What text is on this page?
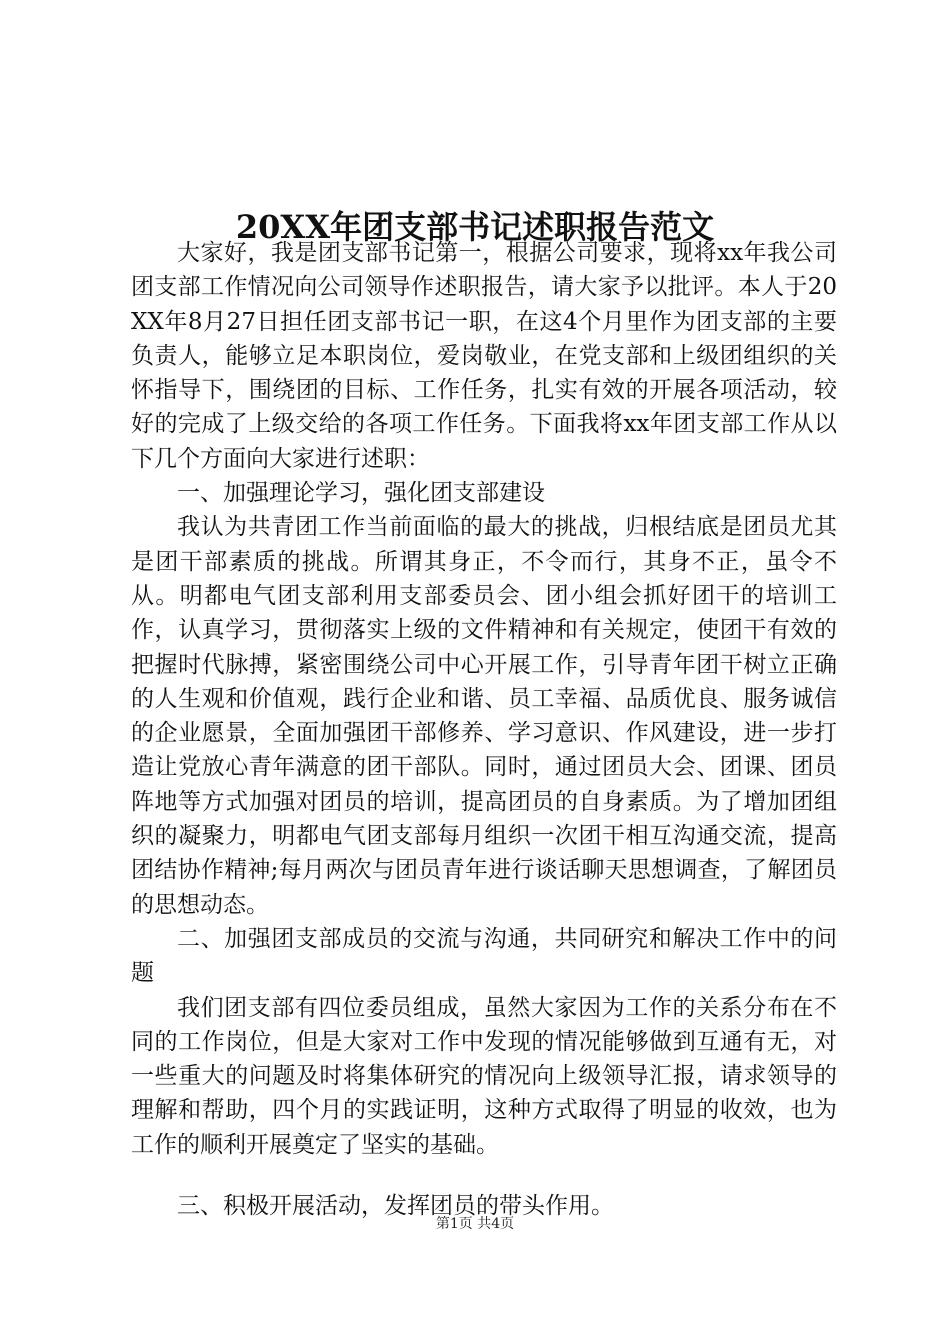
20XX年团支部书记述职报告范文

大家好，我是团支部书记第一，根据公司要求，现将xx年我公司团支部工作情况向公司领导作述职报告，请大家予以批评。本人于20XX年8月27日担任团支部书记一职，在这4个月里作为团支部的主要负责人，能够立足本职岗位，爱岗敬业，在党支部和上级团组织的关怀指导下，围绕团的目标、工作任务，扎实有效的开展各项活动，较好的完成了上级交给的各项工作任务。下面我将xx年团支部工作从以下几个方面向大家进行述职：

一、加强理论学习，强化团支部建设

我认为共青团工作当前面临的最大的挑战，归根结底是团员尤其是团干部素质的挑战。所谓其身正，不令而行，其身不正，虽令不从。明都电气团支部利用支部委员会、团小组会抓好团干的培训工作，认真学习，贯彻落实上级的文件精神和有关规定，使团干有效的把握时代脉搏，紧密围绕公司中心开展工作，引导青年团干树立正确的人生观和价值观，践行企业和谐、员工幸福、品质优良、服务诚信的企业愿景，全面加强团干部修养、学习意识、作风建设，进一步打造让党放心青年满意的团干部队。同时，通过团员大会、团课、团员阵地等方式加强对团员的培训，提高团员的自身素质。为了增加团组织的凝聚力，明都电气团支部每月组织一次团干相互沟通交流，提高团结协作精神;每月两次与团员青年进行谈话聊天思想调查，了解团员的思想动态。

二、加强团支部成员的交流与沟通，共同研究和解决工作中的问题

我们团支部有四位委员组成，虽然大家因为工作的关系分布在不同的工作岗位，但是大家对工作中发现的情况能够做到互通有无，对一些重大的问题及时将集体研究的情况向上级领导汇报，请求领导的理解和帮助，四个月的实践证明，这种方式取得了明显的收效，也为工作的顺利开展奠定了坚实的基础。

三、积极开展活动，发挥团员的带头作用。

第1页 共4页
